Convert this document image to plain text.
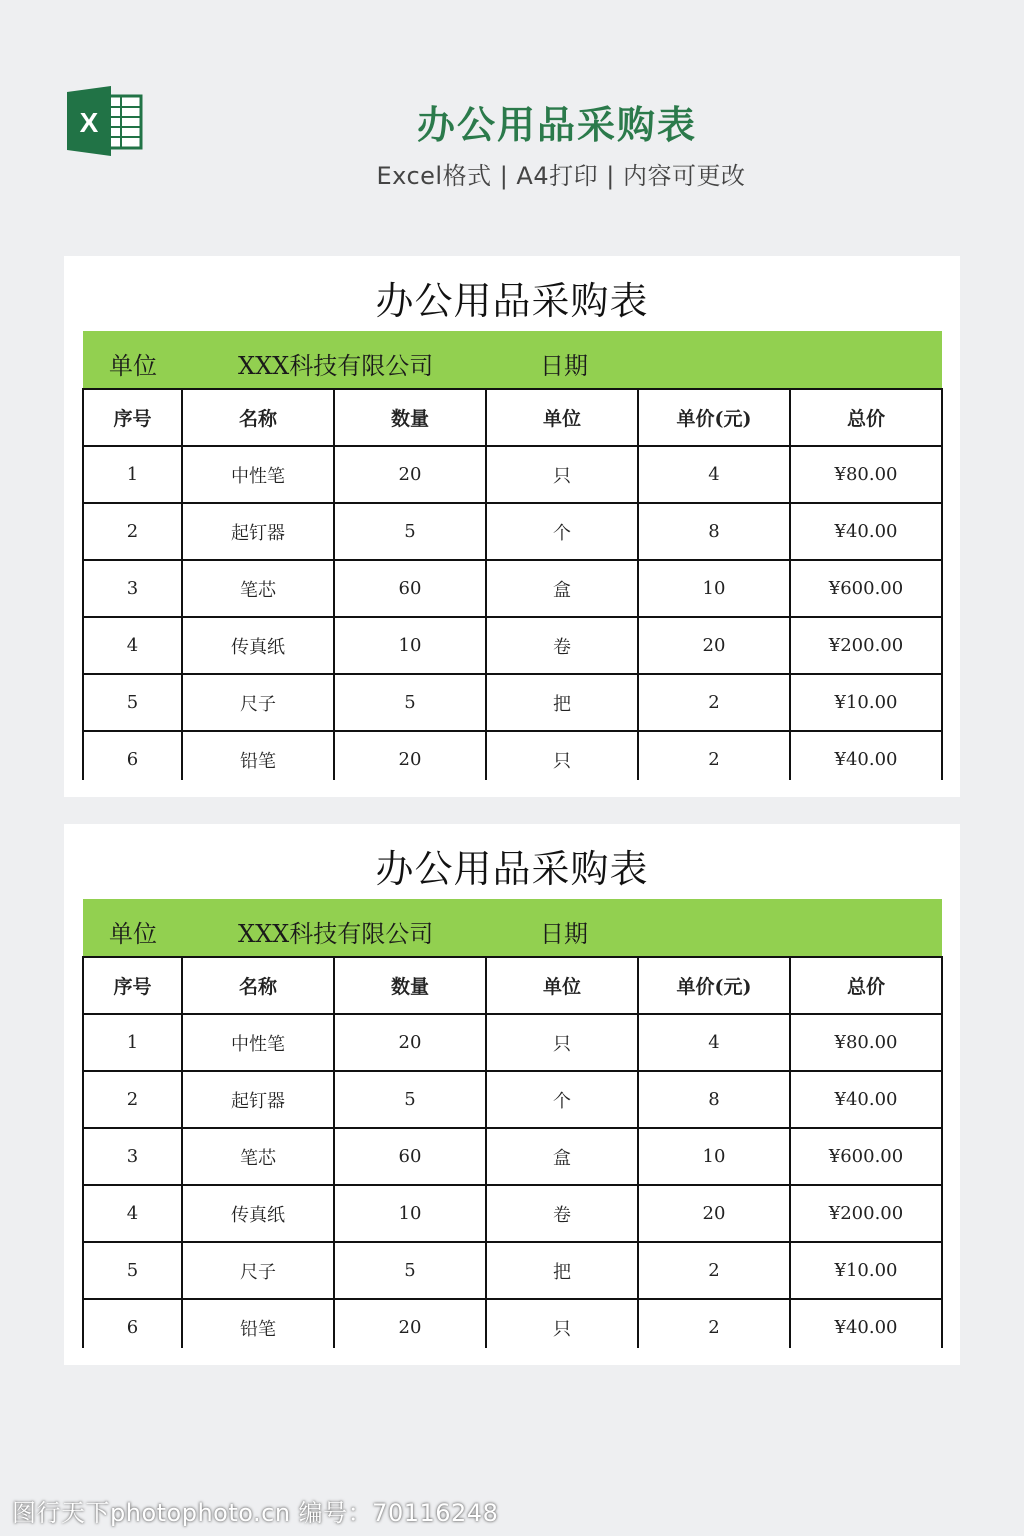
X	办公用品采购表
Excel格式 | A4打印 | 内容可更改
办公用品采购表
单位	XXX科技有限公司	日期
序号	名称	数量	单位	单价(元)	总价
1	中性笔	20	只	4	¥80.00
2	起钉器	5	个	8	¥40.00
3	笔芯	60	盒	10	¥600.00
4	传真纸	10	卷	20	¥200.00
5	尺子	5	把	2	¥10.00
6	铅笔	20	只	2	¥40.00
办公用品采购表
单位	XXX科技有限公司	日期
序号	名称	数量	单位	单价(元)	总价
1	中性笔	20	只	4	¥80.00
2	起钉器	5	个	8	¥40.00
3	笔芯	60	盒	10	¥600.00
4	传真纸	10	卷	20	¥200.00
5	尺子	5	把	2	¥10.00
6	铅笔	20	只	2	¥40.00
图行天下photophoto.cn 编号：70116248
